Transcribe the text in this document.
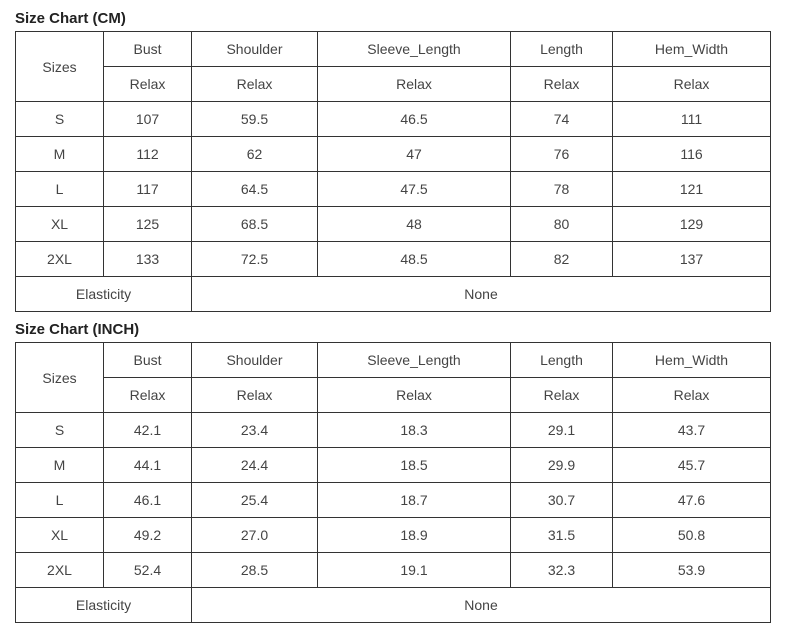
Size Chart (CM)
Sizes	Bust	Shoulder	Sleeve_Length	Length	Hem_Width
	Relax	Relax	Relax	Relax	Relax
S	107	59.5	46.5	74	111
M	112	62	47	76	116
L	117	64.5	47.5	78	121
XL	125	68.5	48	80	129
2XL	133	72.5	48.5	82	137
Elasticity		None			
Size Chart (INCH)
Sizes	Bust	Shoulder	Sleeve_Length	Length	Hem_Width
	Relax	Relax	Relax	Relax	Relax
S	42.1	23.4	18.3	29.1	43.7
M	44.1	24.4	18.5	29.9	45.7
L	46.1	25.4	18.7	30.7	47.6
XL	49.2	27.0	18.9	31.5	50.8
2XL	52.4	28.5	19.1	32.3	53.9
Elasticity		None			
